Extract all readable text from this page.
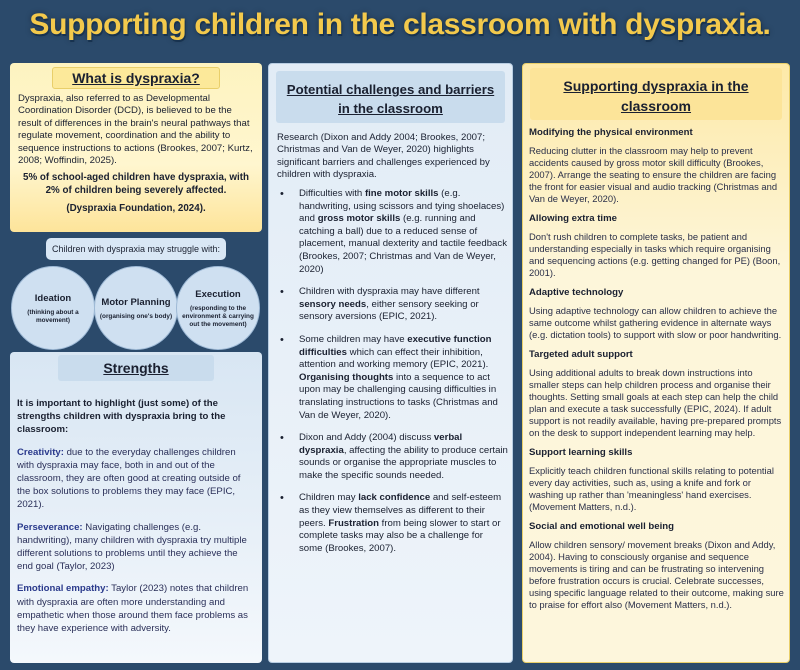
Supporting children in the classroom with dyspraxia.
What is dyspraxia?

Dyspraxia, also referred to as Developmental Coordination Disorder (DCD), is believed to be the result of differences in the brain's neural pathways that regulate movement, coordination and the ability to sequence instructions to actions (Brookes, 2007; Kurtz, 2008; Woffindin, 2025).

5% of school-aged children have dyspraxia, with 2% of children being severely affected.

(Dyspraxia Foundation, 2024).

Children with dyspraxia may struggle with:
Ideation
(thinking about a movement)
Motor Planning
(organising one's body)
Execution
(responding to the environment & carrying out the movement)
Strengths

It is important to highlight (just some) of the strengths children with dyspraxia bring to the classroom:

Creativity: due to the everyday challenges children with dyspraxia may face, both in and out of the classroom, they are often good at creating outside of the box solutions to problems they may face (EPIC, 2021).

Perseverance: Navigating challenges (e.g. handwriting), many children with dyspraxia try multiple different solutions to problems until they achieve the end goal (Taylor, 2023)

Emotional empathy: Taylor (2023) notes that children with dyspraxia are often more understanding and empathetic when those around them face problems as they have experience with adversity.

Potential challenges and barriers
in the classroom

Research (Dixon and Addy 2004; Brookes, 2007; Christmas and Van de Weyer, 2020) highlights significant barriers and challenges experienced by children with dyspraxia.

• Difficulties with fine motor skills (e.g. handwriting, using scissors and tying shoelaces) and gross motor skills (e.g. running and catching a ball) due to a reduced sense of placement, manual dexterity and tactile feedback (Brookes, 2007; Christmas and Van de Weyer, 2020)
• Children with dyspraxia may have different sensory needs, either sensory seeking or sensory aversions (EPIC, 2021).
• Some children may have executive function difficulties which can effect their inhibition, attention and working memory (EPIC, 2021). Organising thoughts into a sequence to act upon may be challenging causing difficulties in translating instructions to tasks (Christmas and Van de Weyer, 2020).
• Dixon and Addy (2004) discuss verbal dyspraxia, affecting the ability to produce certain sounds or organise the appropriate muscles to make the specific sounds needed.
• Children may lack confidence and self-esteem as they view themselves as different to their peers. Frustration from being slower to start or complete tasks may also be a challenge for some (Brookes, 2007).
Supporting dyspraxia in the
classroom
Modifying the physical environment
Reducing clutter in the classroom may help to prevent accidents caused by gross motor skill difficulty (Brookes, 2007). Arrange the seating to ensure the children are facing the front for easier visual and audio tracking (Christmas and Van de Weyer, 2020).
Allowing extra time
Don't rush children to complete tasks, be patient and understanding especially in tasks which require organising and sequencing actions (e.g. getting changed for PE) (Boon, 2001).
Adaptive technology
Using adaptive technology can allow children to achieve the same outcome whilst gathering evidence in alternate ways (e.g. dictation tools) to support with slow or poor handwriting.
Targeted adult support
Using additional adults to break down instructions into smaller steps can help children process and organise their thoughts. Setting small goals at each step can help the child plan and execute a task successfully (EPIC, 2024). If adult support is not readily available, having pre-prepared prompts on the desk to support independent learning may help.
Support learning skills
Explicitly teach children functional skills relating to potential every day activities, such as, using a knife and fork or washing up rather than 'meaningless' hand exercises. (Movement Matters, n.d.).
Social and emotional well being
Allow children sensory/ movement breaks (Dixon and Addy, 2004). Having to consciously organise and sequence movements is tiring and can be frustrating so intervening before frustration occurs is crucial. Celebrate successes, using specific language related to their outcome, making sure to praise for effort also (Movement Matters, n.d.).
